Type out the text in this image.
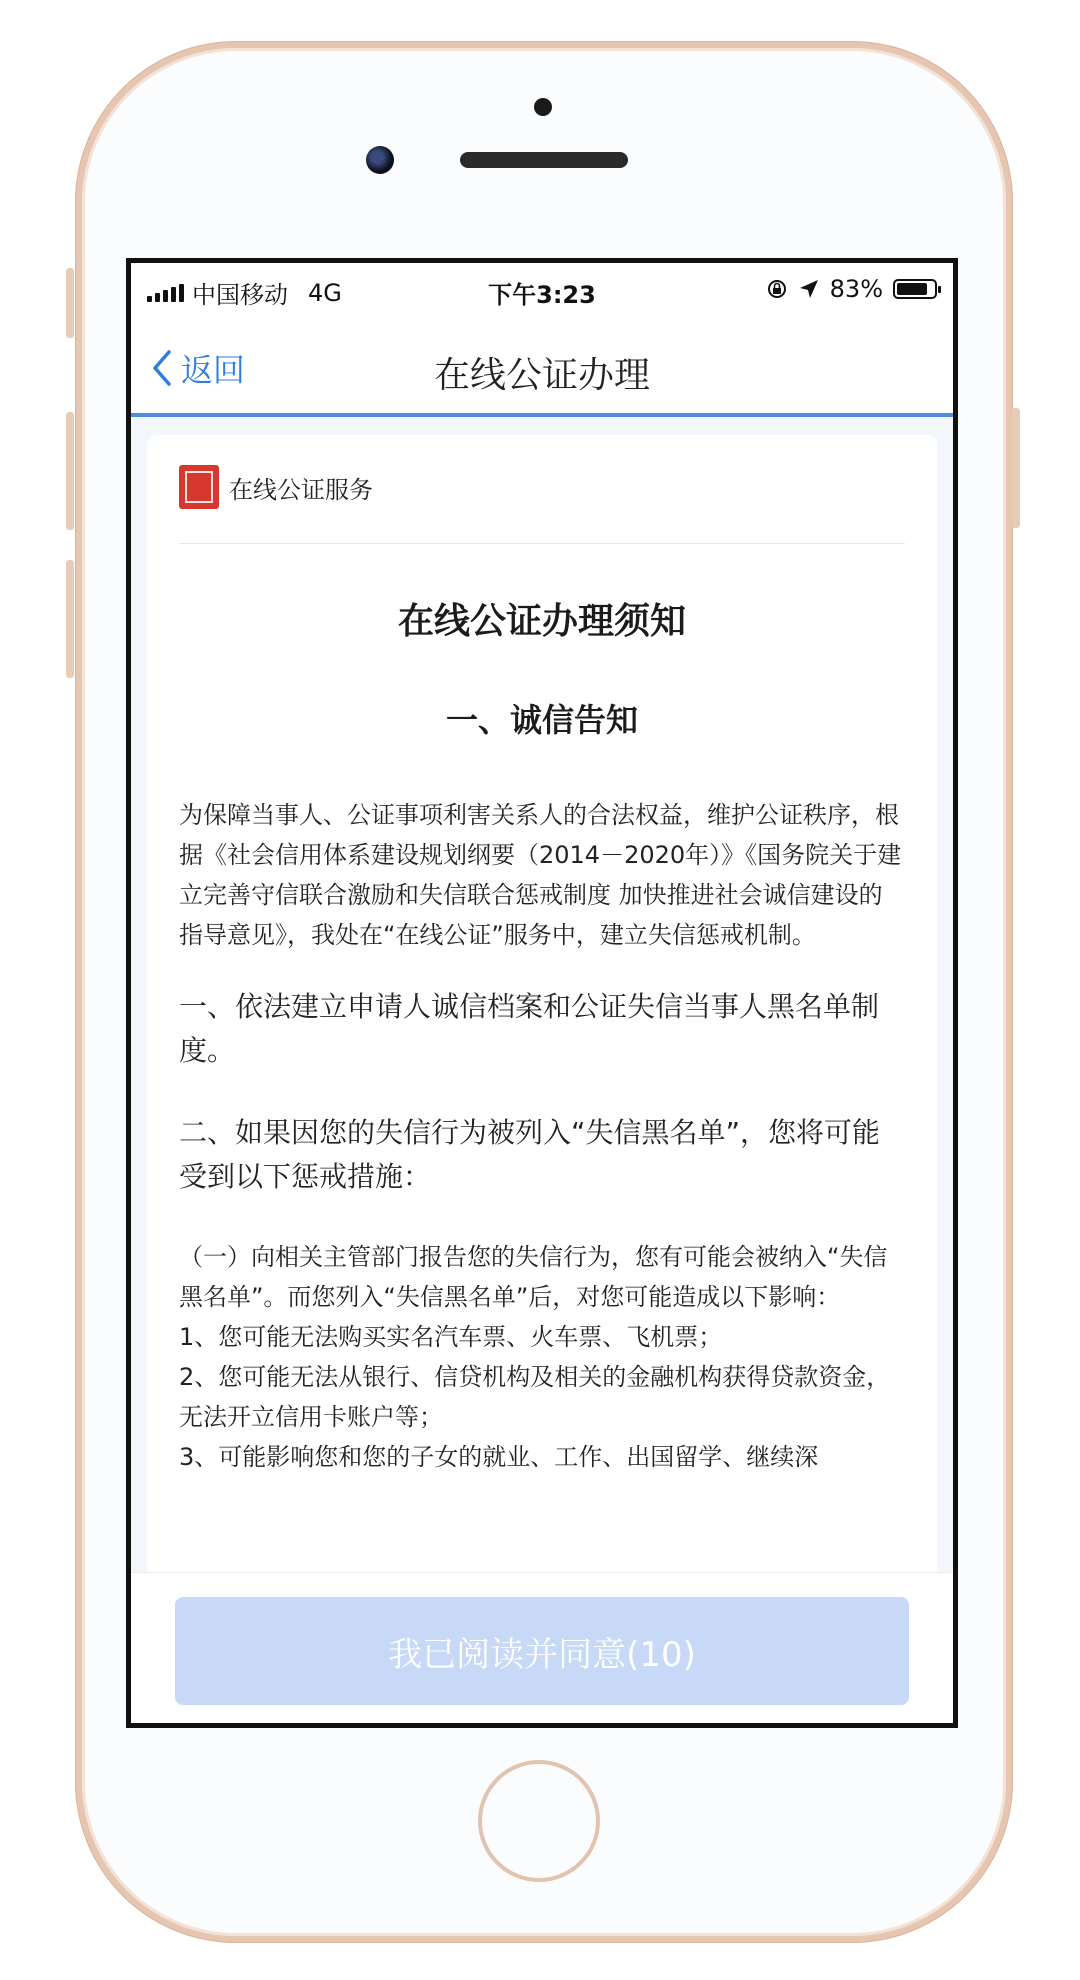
中国移动 4G	下午3:23	83%
返回	在线公证办理
在线公证服务
在线公证办理须知
一、诚信告知

为保障当事人、公证事项利害关系人的合法权益，维护公证秩序，根据《社会信用体系建设规划纲要（2014－2020年）》《国务院关于建立完善守信联合激励和失信联合惩戒制度 加快推进社会诚信建设的指导意见》，我处在“在线公证”服务中，建立失信惩戒机制。

一、依法建立申请人诚信档案和公证失信当事人黑名单制度。

二、如果因您的失信行为被列入“失信黑名单”，您将可能受到以下惩戒措施：

（一）向相关主管部门报告您的失信行为，您有可能会被纳入“失信黑名单”。而您列入“失信黑名单”后，对您可能造成以下影响：

1、您可能无法购买实名汽车票、火车票、飞机票；

2、您可能无法从银行、信贷机构及相关的金融机构获得贷款资金，无法开立信用卡账户等；

3、可能影响您和您的子女的就业、工作、出国留学、继续深

我已阅读并同意(10)
